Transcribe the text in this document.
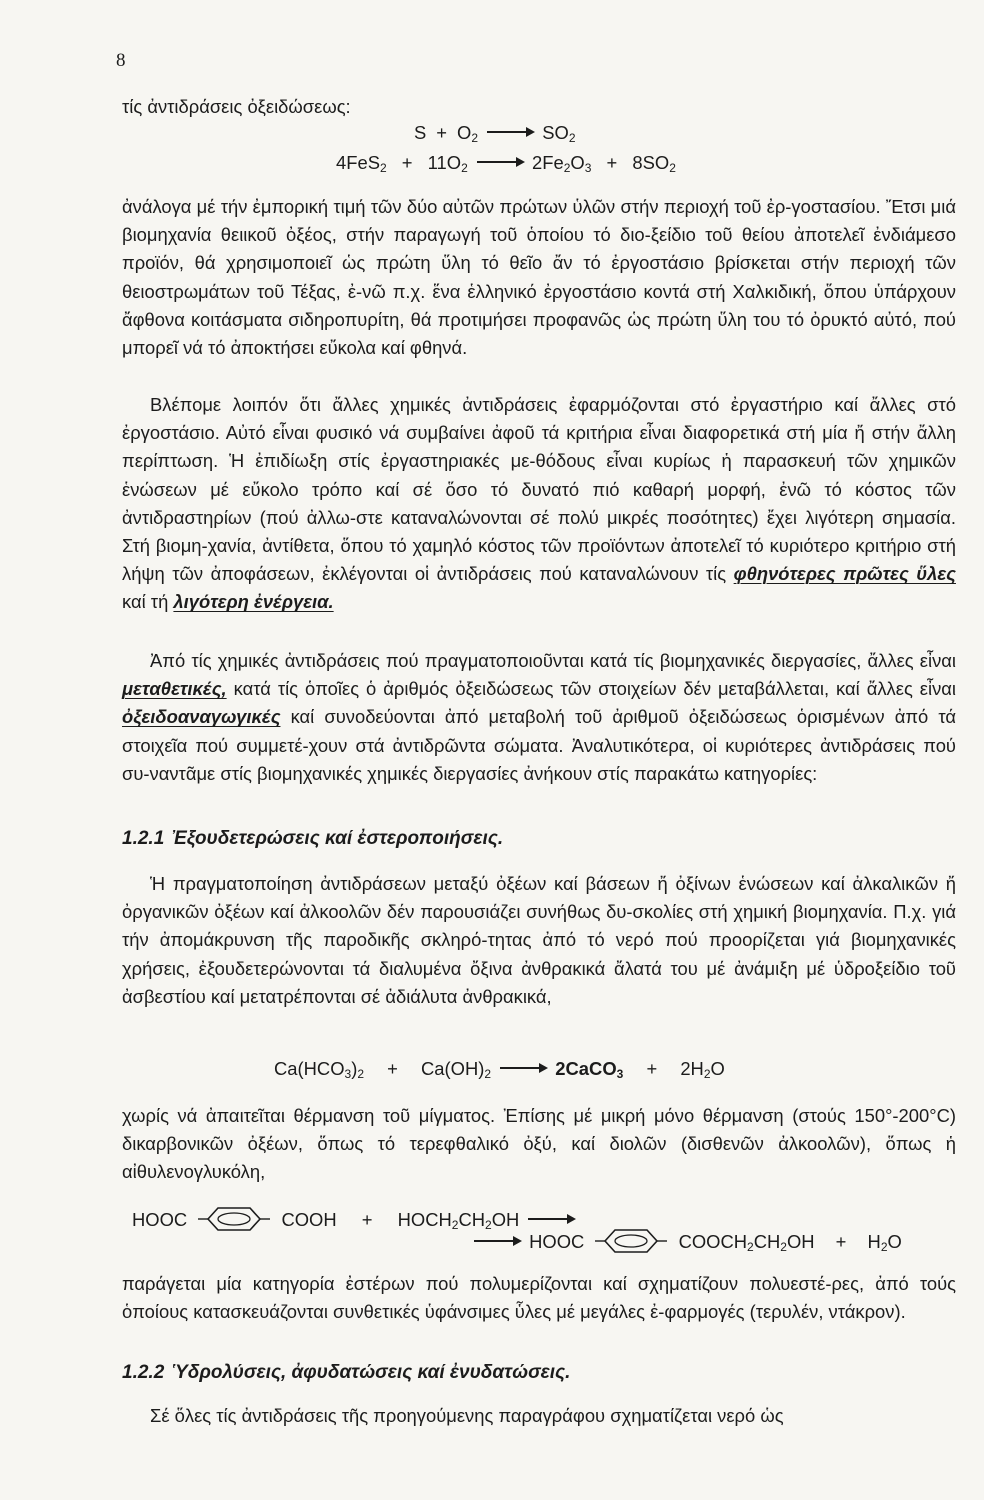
8

τίς ἀντιδράσεις ὀξειδώσεως:

$S + O_2$	$SO_2$
$4FeS_2 + 11O_2$	$2Fe_2O_3 + 8SO_2$

ἀνάλογα μέ τήν ἐμπορική τιμή τῶν δύο αὐτῶν πρώτων ὑλῶν στήν περιοχή τοῦ ἐρ-γοστασίου. Ἔτσι μιά βιομηχανία θειικοῦ ὀξέος, στήν παραγωγή τοῦ ὁποίου τό διο-ξείδιο τοῦ θείου ἀποτελεῖ ἐνδιάμεσο προϊόν, θά χρησιμοποιεῖ ὡς πρώτη ὕλη τό θεῖο ἄν τό ἐργοστάσιο βρίσκεται στήν περιοχή τῶν θειοστρωμάτων τοῦ Τέξας, ἐ-νῶ π.χ. ἕνα ἑλληνικό ἐργοστάσιο κοντά στή Χαλκιδική, ὅπου ὑπάρχουν ἄφθονα κοιτάσματα σιδηροπυρίτη, θά προτιμήσει προφανῶς ὡς πρώτη ὕλη του τό ὀρυκτό αὐτό, πού μπορεῖ νά τό ἀποκτήσει εὔκολα καί φθηνά.

Βλέπομε λοιπόν ὅτι ἄλλες χημικές ἀντιδράσεις ἐφαρμόζονται στό ἐργαστήριο καί ἄλλες στό ἐργοστάσιο. Αὐτό εἶναι φυσικό νά συμβαίνει ἀφοῦ τά κριτήρια εἶναι διαφορετικά στή μία ἤ στήν ἄλλη περίπτωση. Ἡ ἐπιδίωξη στίς ἐργαστηριακές με-θόδους εἶναι κυρίως ἡ παρασκευή τῶν χημικῶν ἑνώσεων μέ εὔκολο τρόπο καί σέ ὅσο τό δυνατό πιό καθαρή μορφή, ἐνῶ τό κόστος τῶν ἀντιδραστηρίων (πού ἀλλω-στε καταναλώνονται σέ πολύ μικρές ποσότητες) ἔχει λιγότερη σημασία. Στή βιομη-χανία, ἀντίθετα, ὅπου τό χαμηλό κόστος τῶν προϊόντων ἀποτελεῖ τό κυριότερο κριτήριο στή λήψη τῶν ἀποφάσεων, ἐκλέγονται οἱ ἀντιδράσεις πού καταναλώνουν τίς φθηνότερες πρῶτες ὕλες καί τή λιγότερη ἐνέργεια.

Ἀπό τίς χημικές ἀντιδράσεις πού πραγματοποιοῦνται κατά τίς βιομηχανικές διεργασίες, ἄλλες εἶναι μεταθετικές, κατά τίς ὁποῖες ὁ ἀριθμός ὀξειδώσεως τῶν στοιχείων δέν μεταβάλλεται, καί ἄλλες εἶναι ὀξειδοαναγωγικές καί συνοδεύονται ἀπό μεταβολή τοῦ ἀριθμοῦ ὀξειδώσεως ὁρισμένων ἀπό τά στοιχεῖα πού συμμετέ-χουν στά ἀντιδρῶντα σώματα. Ἀναλυτικότερα, οἱ κυριότερες ἀντιδράσεις πού συ-ναντᾶμε στίς βιομηχανικές χημικές διεργασίες ἀνήκουν στίς παρακάτω κατηγορίες:

1.2.1 Ἐξουδετερώσεις καί ἐστεροποιήσεις.

Ἡ πραγματοποίηση ἀντιδράσεων μεταξύ ὀξέων καί βάσεων ἤ ὀξίνων ἑνώσεων καί ἀλκαλικῶν ἤ ὀργανικῶν ὀξέων καί ἀλκοολῶν δέν παρουσιάζει συνήθως δυ-σκολίες στή χημική βιομηχανία. Π.χ. γιά τήν ἀπομάκρυνση τῆς παροδικῆς σκληρό-τητας ἀπό τό νερό πού προορίζεται γιά βιομηχανικές χρήσεις, ἐξουδετερώνονται τά διαλυμένα ὄξινα ἀνθρακικά ἄλατά του μέ ἀνάμιξη μέ ὑδροξείδιο τοῦ ἀσβεστίου καί μετατρέπονται σέ ἀδιάλυτα ἀνθρακικά,

$Ca(HCO_3)_2 + Ca(OH)_2$	2CaCO$_3$ + $2H_2O$

χωρίς νά ἀπαιτεῖται θέρμανση τοῦ μίγματος. Ἐπίσης μέ μικρή μόνο θέρμανση (στούς 150°-200°C) δικαρβονικῶν ὀξέων, ὅπως τό τερεφθαλικό ὀξύ, καί διολῶν (δισθενῶν ἀλκοολῶν), ὅπως ἡ αἰθυλενογλυκόλη,

HOOC	COOH + $HOCH_2CH_2OH$
HOOC	$COOCH_2CH_2OH + H_2O$

παράγεται μία κατηγορία ἐστέρων πού πολυμερίζονται καί σχηματίζουν πολυεστέ-ρες, ἀπό τούς ὁποίους κατασκευάζονται συνθετικές ὑφάνσιμες ὗλες μέ μεγάλες ἐ-φαρμογές (τερυλέν, ντάκρον).

1.2.2 Ὑδρολύσεις, ἀφυδατώσεις καί ἐνυδατώσεις.

Σέ ὅλες τίς ἀντιδράσεις τῆς προηγούμενης παραγράφου σχηματίζεται νερό ὡς
